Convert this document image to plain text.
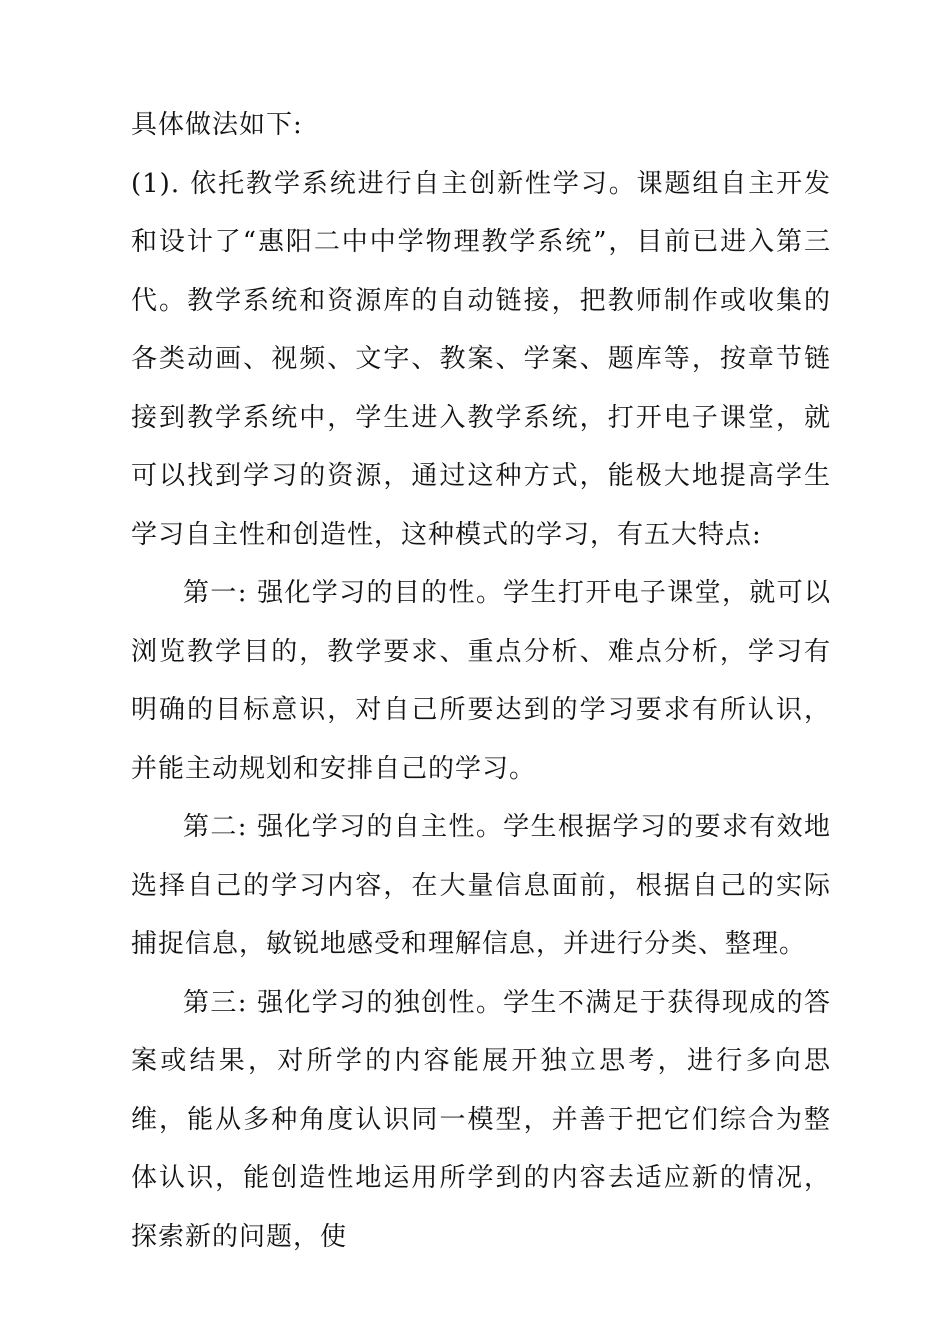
具体做法如下:

(1). 依托教学系统进行自主创新性学习。课题组自主开发和设计了“惠阳二中中学物理教学系统”，目前已进入第三代。教学系统和资源库的自动链接，把教师制作或收集的各类动画、视频、文字、教案、学案、题库等，按章节链接到教学系统中，学生进入教学系统，打开电子课堂，就可以找到学习的资源，通过这种方式，能极大地提高学生学习自主性和创造性，这种模式的学习，有五大特点:

第一: 强化学习的目的性。学生打开电子课堂，就可以浏览教学目的，教学要求、重点分析、难点分析，学习有明确的目标意识，对自己所要达到的学习要求有所认识，并能主动规划和安排自己的学习。

第二: 强化学习的自主性。学生根据学习的要求有效地选择自己的学习内容，在大量信息面前，根据自己的实际捕捉信息，敏锐地感受和理解信息，并进行分类、整理。

第三: 强化学习的独创性。学生不满足于获得现成的答案或结果，对所学的内容能展开独立思考，进行多向思维，能从多种角度认识同一模型，并善于把它们综合为整体认识，能创造性地运用所学到的内容去适应新的情况，探索新的问题，使
